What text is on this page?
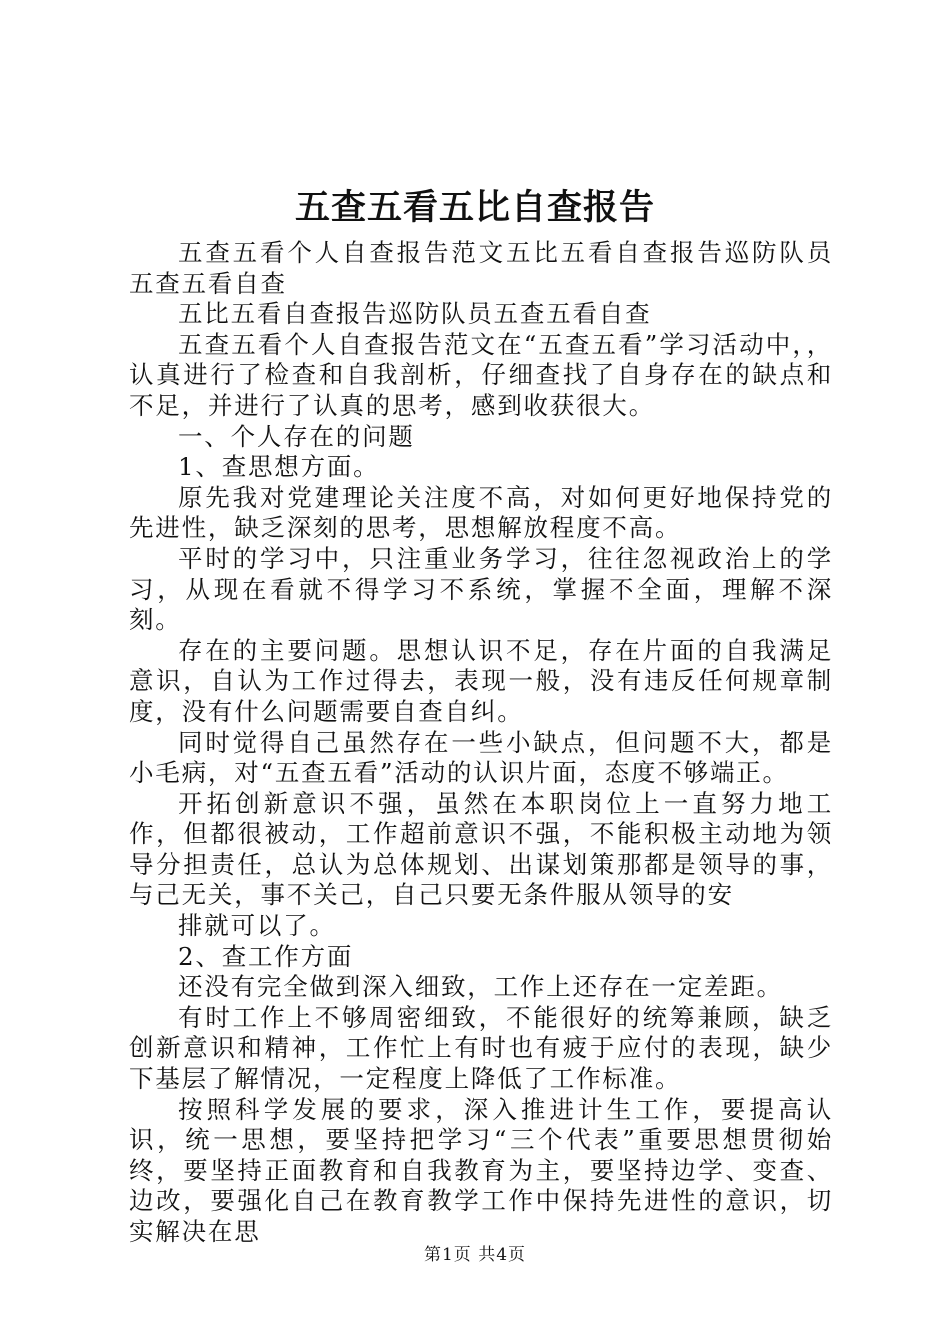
五查五看五比自查报告

五查五看个人自查报告范文五比五看自查报告巡防队员五查五看自查

五比五看自查报告巡防队员五查五看自查

五查五看个人自查报告范文在“五查五看”学习活动中，，认真进行了检查和自我剖析，仔细查找了自身存在的缺点和不足，并进行了认真的思考，感到收获很大。

一、个人存在的问题

1、查思想方面。

原先我对党建理论关注度不高，对如何更好地保持党的先进性，缺乏深刻的思考，思想解放程度不高。

平时的学习中，只注重业务学习，往往忽视政治上的学习，从现在看就不得学习不系统，掌握不全面，理解不深刻。

存在的主要问题。思想认识不足，存在片面的自我满足意识，自认为工作过得去，表现一般，没有违反任何规章制度，没有什么问题需要自查自纠。

同时觉得自己虽然存在一些小缺点，但问题不大，都是小毛病，对“五查五看”活动的认识片面，态度不够端正。

开拓创新意识不强，虽然在本职岗位上一直努力地工作，但都很被动，工作超前意识不强，不能积极主动地为领导分担责任，总认为总体规划、出谋划策那都是领导的事，与己无关，事不关己，自己只要无条件服从领导的安

排就可以了。

2、查工作方面

还没有完全做到深入细致，工作上还存在一定差距。

有时工作上不够周密细致，不能很好的统筹兼顾，缺乏创新意识和精神，工作忙上有时也有疲于应付的表现，缺少下基层了解情况，一定程度上降低了工作标准。

按照科学发展的要求，深入推进计生工作，要提高认识，统一思想，要坚持把学习“三个代表”重要思想贯彻始终，要坚持正面教育和自我教育为主，要坚持边学、变查、边改，要强化自己在教育教学工作中保持先进性的意识，切实解决在思

第1页 共4页
